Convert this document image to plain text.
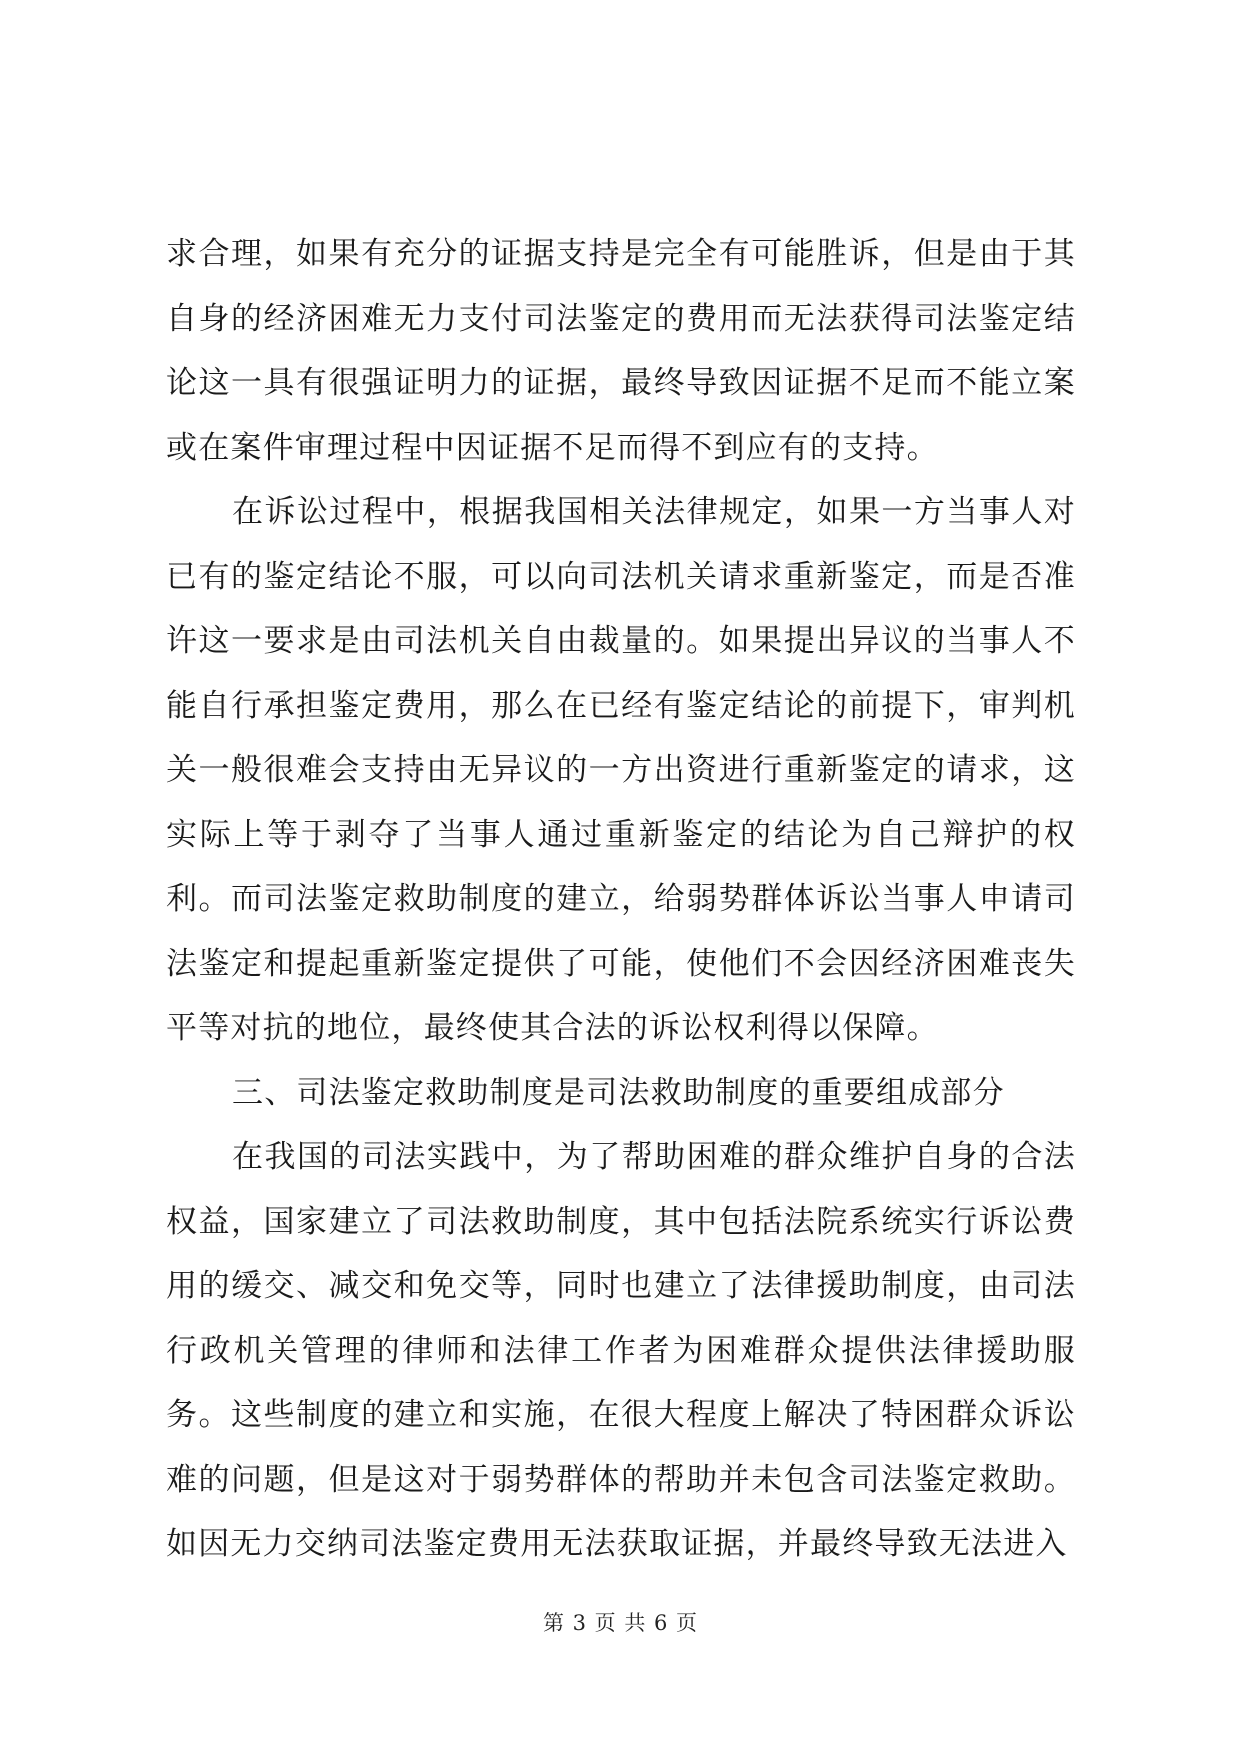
求合理，如果有充分的证据支持是完全有可能胜诉，但是由于其自身的经济困难无力支付司法鉴定的费用而无法获得司法鉴定结论这一具有很强证明力的证据，最终导致因证据不足而不能立案或在案件审理过程中因证据不足而得不到应有的支持。

在诉讼过程中，根据我国相关法律规定，如果一方当事人对已有的鉴定结论不服，可以向司法机关请求重新鉴定，而是否准许这一要求是由司法机关自由裁量的。如果提出异议的当事人不能自行承担鉴定费用，那么在已经有鉴定结论的前提下，审判机关一般很难会支持由无异议的一方出资进行重新鉴定的请求，这实际上等于剥夺了当事人通过重新鉴定的结论为自己辩护的权利。而司法鉴定救助制度的建立，给弱势群体诉讼当事人申请司法鉴定和提起重新鉴定提供了可能，使他们不会因经济困难丧失平等对抗的地位，最终使其合法的诉讼权利得以保障。

三、司法鉴定救助制度是司法救助制度的重要组成部分

在我国的司法实践中，为了帮助困难的群众维护自身的合法权益，国家建立了司法救助制度，其中包括法院系统实行诉讼费用的缓交、减交和免交等，同时也建立了法律援助制度，由司法行政机关管理的律师和法律工作者为困难群众提供法律援助服务。这些制度的建立和实施，在很大程度上解决了特困群众诉讼难的问题，但是这对于弱势群体的帮助并未包含司法鉴定救助。如因无力交纳司法鉴定费用无法获取证据，并最终导致无法进入

第 3 页 共 6 页
